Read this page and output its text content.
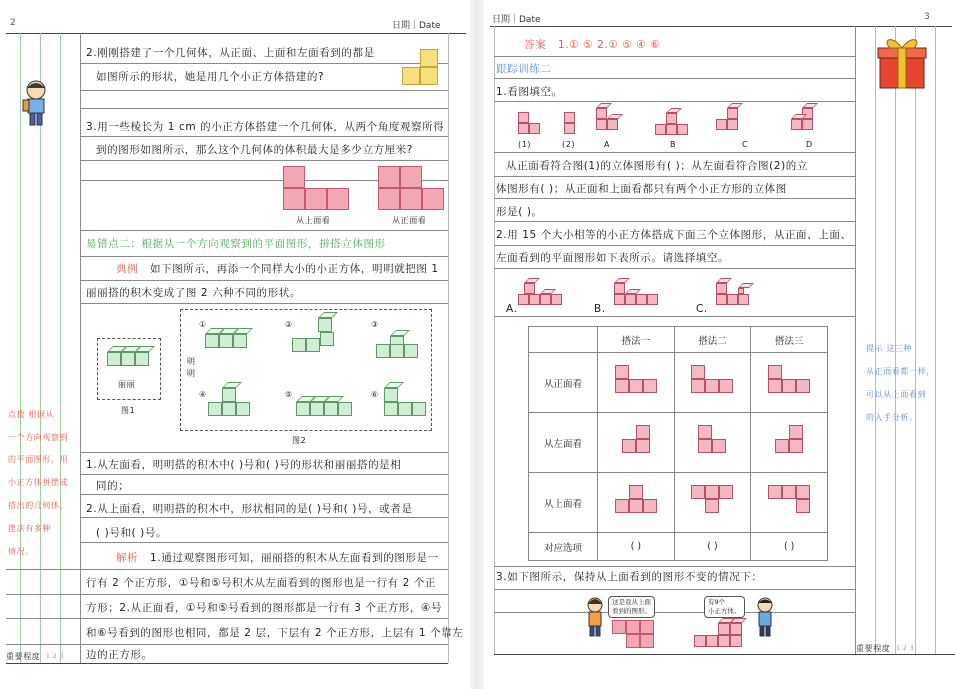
2	日期｜Date
2.刚刚搭建了一个几何体，从正面、上面和左面看到的都是
如图所示的形状，她是用几个小正方体搭建的?
3.用一些棱长为 1 cm 的小正方体搭建一个几何体，从两个角度观察所得
到的图形如图所示，那么这个几何体的体积最大是多少立方厘米?
从上面看	从正面看
易错点二：根据从一个方向观察到的平面图形，拼搭立体图形
典例 如下图所示，再添一个同样大小的小正方体，明明就把图 1
丽丽搭的积木变成了图 2 六种不同的形状。
丽丽
图1
明明
①	②	③
④	⑤	⑥
图2
1.从左面看，明明搭的积木中( )号和( )号的形状和丽丽搭的是相
同的；
2.从上面看，明明搭的积木中，形状相同的是( )号和( )号，或者是
( )号和( )号。
解析 1.通过观察图形可知，丽丽搭的积木从左面看到的图形是一
行有 2 个正方形，①号和⑤号积木从左面看到的图形也是一行有 2 个正
方形；2.从正面看，①号和⑤号看到的图形都是一行有 3 个正方形，④号
和⑥号看到的图形也相同，都是 2 层，下层有 2 个正方形，上层有 1 个靠左
边的正方形。
点拨 根据从
一个方向观察到
的平面图形，用
小正方体拼摆或
搭出的几何体，
摆法有多种
情况。
重要程度 1 2 3
日期｜Date	3
答案 1.① ⑤ 2.① ⑤ ④ ⑥
跟踪训练二
1.看图填空。
(1)	(2)	A	B	C	D
从正面看符合图(1)的立体图形有( )；从左面看符合图(2)的立
体图形有( )；从正面和上面看都只有两个小正方形的立体图
形是( )。
2.用 15 个大小相等的小正方体搭成下面三个立体图形，从正面、上面、
左面看到的平面图形如下表所示。请选择填空。
A.	B.	C.
	搭法一	搭法二	搭法三
从正面看	

从左面看	

从上面看	

对应选项	( )	( )	( )
提示 这三种
从正面看都一样，
可以从上面看到
的入手分析。
3.如下图所示，保持从上面看到的图形不变的情况下：
这是我从上面
看到的图形。
有9个
小正方体。
重要程度 1 2 3
